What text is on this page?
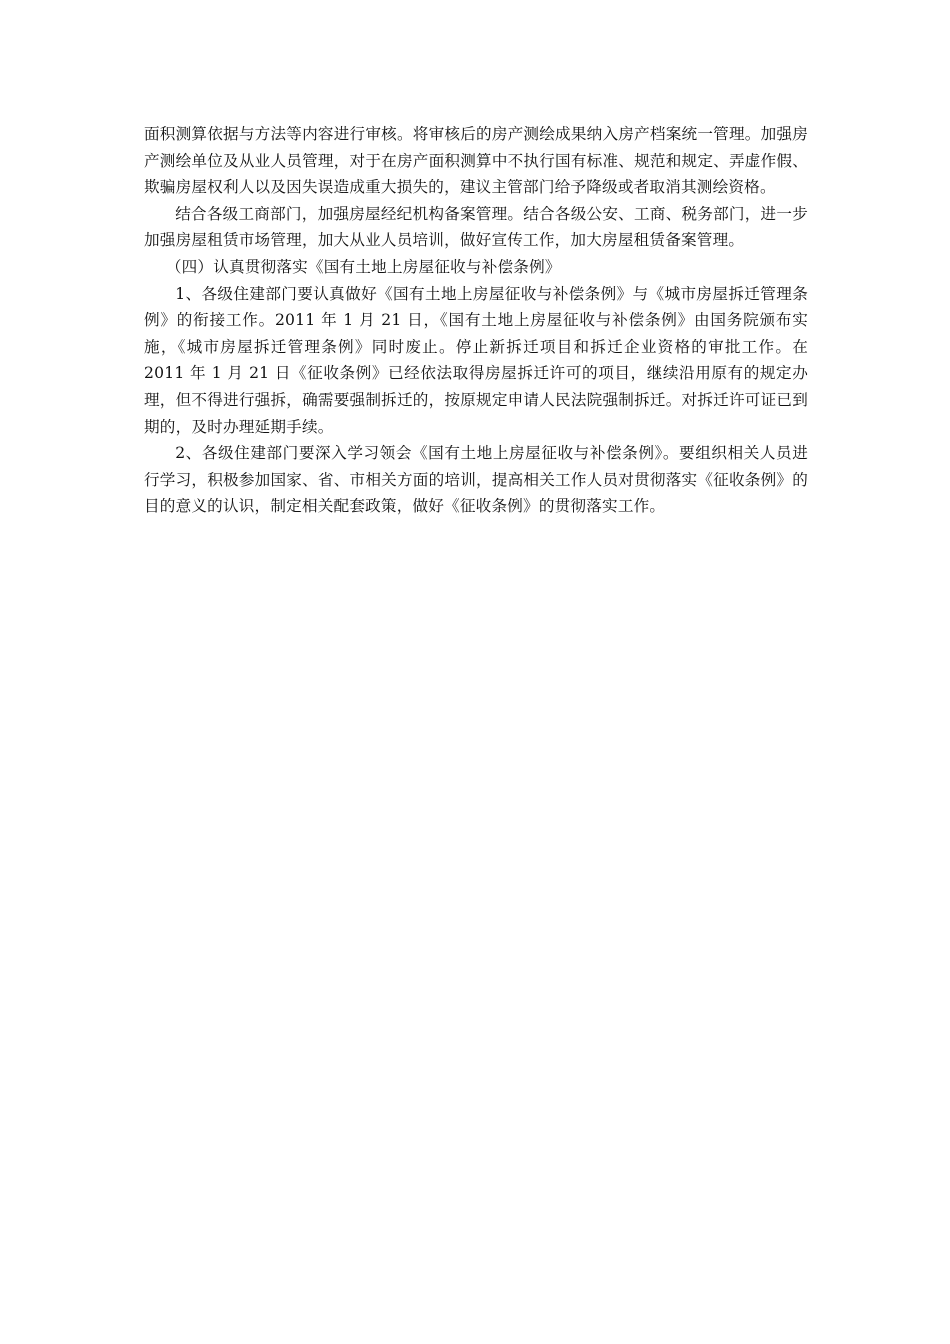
面积测算依据与方法等内容进行审核。将审核后的房产测绘成果纳入房产档案统一管理。加强房产测绘单位及从业人员管理，对于在房产面积测算中不执行国有标准、规范和规定、弄虚作假、欺骗房屋权利人以及因失误造成重大损失的，建议主管部门给予降级或者取消其测绘资格。

结合各级工商部门，加强房屋经纪机构备案管理。结合各级公安、工商、税务部门，进一步加强房屋租赁市场管理，加大从业人员培训，做好宣传工作，加大房屋租赁备案管理。

（四）认真贯彻落实《国有土地上房屋征收与补偿条例》

1、各级住建部门要认真做好《国有土地上房屋征收与补偿条例》与《城市房屋拆迁管理条例》的衔接工作。2011 年 1 月 21 日，《国有土地上房屋征收与补偿条例》由国务院颁布实施，《城市房屋拆迁管理条例》同时废止。停止新拆迁项目和拆迁企业资格的审批工作。在 2011 年 1 月 21 日《征收条例》已经依法取得房屋拆迁许可的项目，继续沿用原有的规定办理，但不得进行强拆，确需要强制拆迁的，按原规定申请人民法院强制拆迁。对拆迁许可证已到期的，及时办理延期手续。

2、各级住建部门要深入学习领会《国有土地上房屋征收与补偿条例》。要组织相关人员进行学习，积极参加国家、省、市相关方面的培训，提高相关工作人员对贯彻落实《征收条例》的目的意义的认识，制定相关配套政策，做好《征收条例》的贯彻落实工作。
